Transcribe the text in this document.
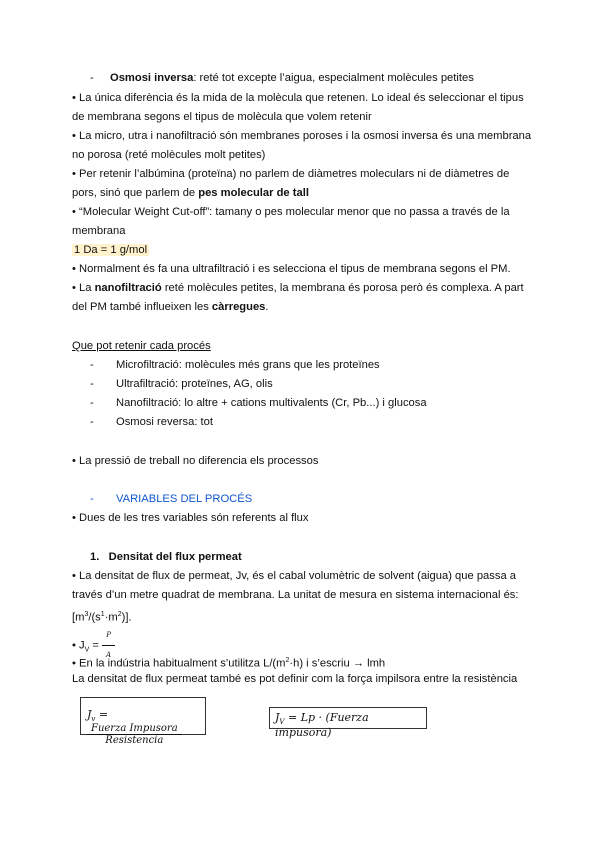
- Osmosi inversa: reté tot excepte l’aigua, especialment molècules petites
• La única diferència és la mida de la molècula que retenen. Lo ideal és seleccionar el tipus
de membrana segons el tipus de molècula que volem retenir
• La micro, utra i nanofiltració són membranes poroses i la osmosi inversa és una membrana
no porosa (reté molècules molt petites)
• Per retenir l’albúmina (proteïna) no parlem de diàmetres moleculars ni de diàmetres de
pors, sinó que parlem de pes molecular de tall
• “Molecular Weight Cut-off”: tamany o pes molecular menor que no passa a través de la
membrana
1 Da = 1 g/mol
• Normalment és fa una ultrafiltració i es selecciona el tipus de membrana segons el PM.
• La nanofiltració reté molècules petites, la membrana és porosa però és complexa. A part
del PM també influeixen les càrregues.
Que pot retenir cada procés
- Microfiltració: molècules més grans que les proteïnes
- Ultrafiltració: proteïnes, AG, olis
- Nanofiltració: lo altre + cations multivalents (Cr, Pb...) i glucosa
- Osmosi reversa: tot
• La pressió de treball no diferencia els processos
- VARIABLES DEL PROCÉS
• Dues de les tres variables són referents al flux
1. Densitat del flux permeat
• La densitat de flux de permeat, Jv, és el cabal volumètric de solvent (aigua) que passa a
través d’un metre quadrat de membrana. La unitat de mesura en sistema internacional és:
$[m^3/(s^1\cdot m^2)]$.
• $J_V = \frac{P}{A}$
• En la indústria habitualment s’utilitza $L/(m^2\cdot h)$ i s’escriu → lmh
La densitat de flux permeat també es pot definir com la força impilsora entre la resistència
$J_v$ =
$\frac{\text{Fuerza Impusora}}{\text{Resistencia}}$
$J_V = Lp$ · (Fuerza impusora)
